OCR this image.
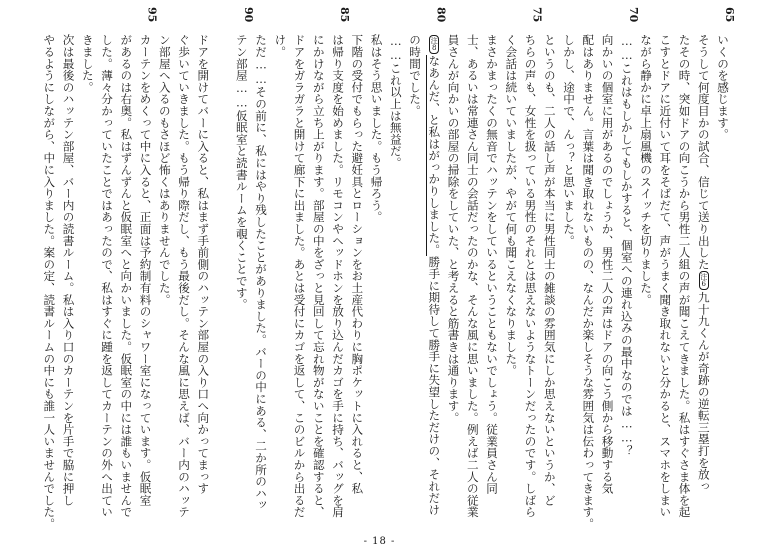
いくのを感じます。
そうして何度目かの試合、信じて送り出した注6九十九くんが奇跡の逆転三塁打を放っ
たその時、突如ドアの向こうから男性二人組の声が聞こえてきました。私はすぐさま体を起
こすとドアに近付いて耳をそばだて、声がうまく聞き取れないと分かると、スマホをしまい
ながら静かに卓上扇風機のスイッチを切りました。
……これはもしかしてもしかすると、個室への連れ込みの最中なのでは……？
向かいの個室に用があるのでしょうか、男性二人の声はドアの向こう側から移動する気
配はありません。言葉は聞き取れないものの、なんだか楽しそうな雰囲気は伝わってきます。
しかし、途中で、んっ？と思いました。
というのも、二人の話し声が本当に男性同士の雑談の雰囲気にしか思えないというか、ど
ちらの声も、女性を扱っている男性のそれとは思えないようなトーンだったのです。しばら
く会話は続いていましたが、やがて何も聞こえなくなりました。
まさかまったくの無音でハッテンをしているということもないでしょう。従業員さん同
士、あるいは常連さん同士の会話だったのかな、そんな風に思いました。例えば二人の従業
員さんが向かいの部屋の掃除をしていた、と考えると筋書きは通ります。
注8なあんだ、と私はがっかりしました。勝手に期待して勝手に失望しただけの、それだけ
の時間でした。
……これ以上は無益だ。
私はそう思いました。もう帰ろう。
下階の受付でもらった避妊具とローションをお土産代わりに胸ポケットに入れると、私
は帰り支度を始めました。リモコンやヘッドホンを放り込んだカゴを手に持ち、バッグを肩
にかけながら立ち上がります。部屋の中をざっと見回して忘れ物がないことを確認すると、
ドアをガラガラと開けて廊下に出ました。あとは受付にカゴを返して、このビルから出るだ
け。
ただ……その前に、私にはやり残したことがありました。バーの中にある、二か所のハッ
テン部屋……仮眠室と読書ルームを覗くことです。
ドアを開けてバーに入ると、私はまず手前側のハッテン部屋の入り口へ向かってまっす
ぐ歩いていきました。もう帰り際だし、もう最後だし。そんな風に思えば、バー内のハッテ
ン部屋へ入るのもさほど怖くはありませんでした。
カーテンをめくって中に入ると、正面は予約制有料のシャワー室になっています。仮眠室
があるのは右奥。私はずんずんと仮眠室へと向かいました。仮眠室の中には誰もいませんで
した。薄々分かっていたことではあったので、私はすぐに踵を返してカーテンの外へ出てい
きました。
次は最後のハッテン部屋、バー内の読書ルーム。私は入り口のカーテンを片手で脇に押し
やるようにしながら、中に入りました。案の定、読書ルームの中にも誰一人いませんでした。
65
70
75
80
85
90
95
- 18 -
